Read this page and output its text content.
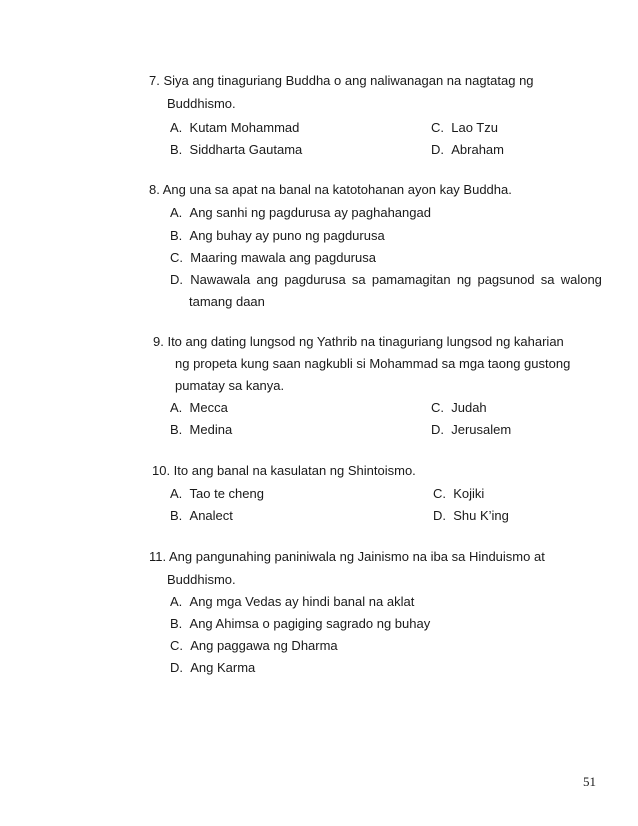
7. Siya ang tinaguriang Buddha o ang naliwanagan na nagtatag ng
Buddhismo.
A. Kutam Mohammad	C. Lao Tzu
B. Siddharta Gautama	D. Abraham
8. Ang una sa apat na banal na katotohanan ayon kay Buddha.
A. Ang sanhi ng pagdurusa ay paghahangad
B. Ang buhay ay puno ng pagdurusa
C. Maaring mawala ang pagdurusa
D.  Nawawala ang pagdurusa sa pamamagitan ng pagsunod sa walong
tamang daan
9. Ito ang dating lungsod ng Yathrib na tinaguriang lungsod ng kaharian
ng propeta kung saan nagkubli si Mohammad sa mga taong gustong
pumatay sa kanya.
A. Mecca	C. Judah
B. Medina	D. Jerusalem
10. Ito ang banal na kasulatan ng Shintoismo.
A. Tao te cheng	C. Kojiki
B. Analect	D. Shu K’ing
11. Ang pangunahing paniniwala ng Jainismo na iba sa Hinduismo at
Buddhismo.
A. Ang mga Vedas ay hindi banal na aklat
B. Ang Ahimsa o pagiging sagrado ng buhay
C. Ang paggawa ng Dharma
D. Ang Karma
51
